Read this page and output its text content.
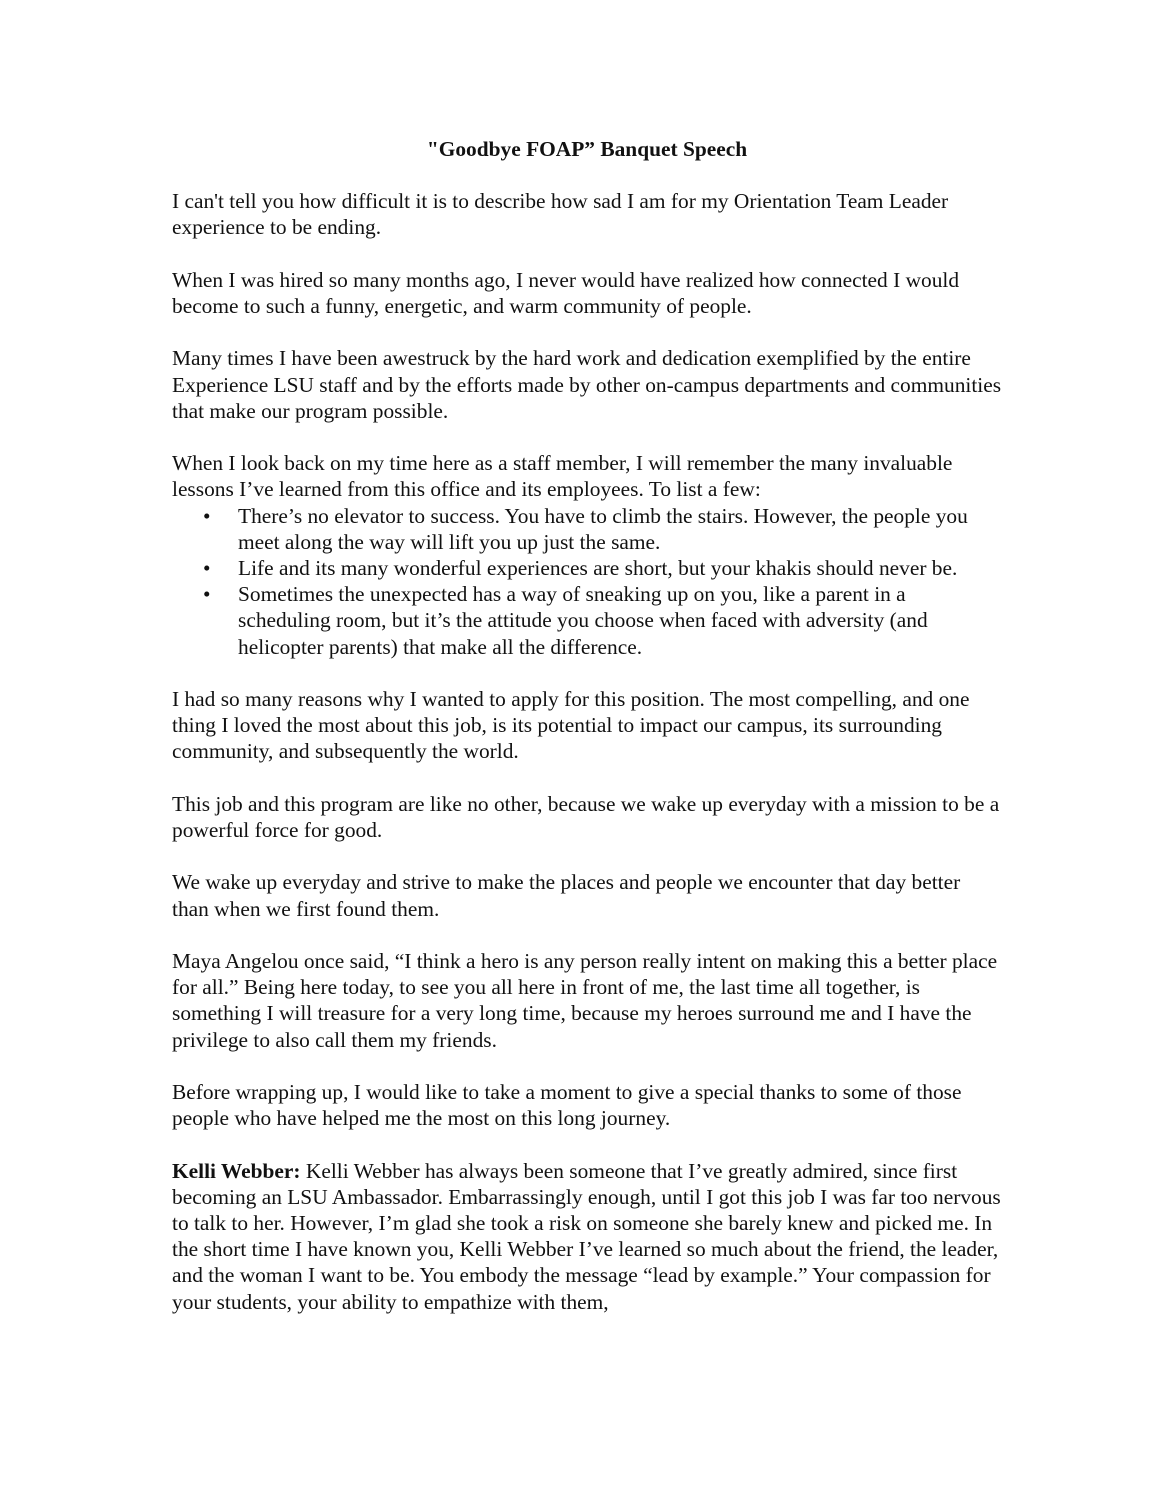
"Goodbye FOAP” Banquet Speech

I can't tell you how difficult it is to describe how sad I am for my Orientation Team Leader experience to be ending.

When I was hired so many months ago, I never would have realized how connected I would become to such a funny, energetic, and warm community of people.

Many times I have been awestruck by the hard work and dedication exemplified by the entire Experience LSU staff and by the efforts made by other on-campus departments and communities that make our program possible.

When I look back on my time here as a staff member, I will remember the many invaluable lessons I’ve learned from this office and its employees. To list a few:

• There’s no elevator to success. You have to climb the stairs. However, the people you meet along the way will lift you up just the same.
• Life and its many wonderful experiences are short, but your khakis should never be.
• Sometimes the unexpected has a way of sneaking up on you, like a parent in a scheduling room, but it’s the attitude you choose when faced with adversity (and helicopter parents) that make all the difference.

I had so many reasons why I wanted to apply for this position. The most compelling, and one thing I loved the most about this job, is its potential to impact our campus, its surrounding community, and subsequently the world.

This job and this program are like no other, because we wake up everyday with a mission to be a powerful force for good.

We wake up everyday and strive to make the places and people we encounter that day better than when we first found them.

Maya Angelou once said, “I think a hero is any person really intent on making this a better place for all.” Being here today, to see you all here in front of me, the last time all together, is something I will treasure for a very long time, because my heroes surround me and I have the privilege to also call them my friends.

Before wrapping up, I would like to take a moment to give a special thanks to some of those people who have helped me the most on this long journey.

Kelli Webber: Kelli Webber has always been someone that I’ve greatly admired, since first becoming an LSU Ambassador. Embarrassingly enough, until I got this job I was far too nervous to talk to her. However, I’m glad she took a risk on someone she barely knew and picked me. In the short time I have known you, Kelli Webber I’ve learned so much about the friend, the leader, and the woman I want to be. You embody the message “lead by example.” Your compassion for your students, your ability to empathize with them,
